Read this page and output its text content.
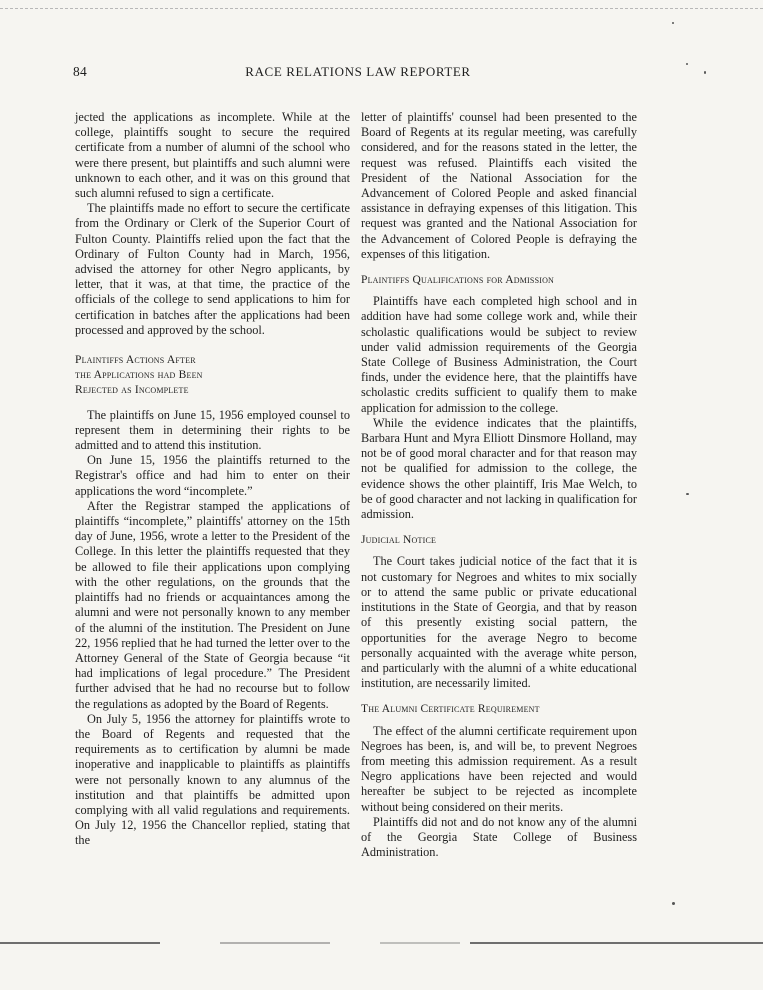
84	RACE RELATIONS LAW REPORTER

jected the applications as incomplete. While at the college, plaintiffs sought to secure the required certificate from a number of alumni of the school who were there present, but plaintiffs and such alumni were unknown to each other, and it was on this ground that such alumni refused to sign a certificate.

The plaintiffs made no effort to secure the certificate from the Ordinary or Clerk of the Superior Court of Fulton County. Plaintiffs relied upon the fact that the Ordinary of Fulton County had in March, 1956, advised the attorney for other Negro applicants, by letter, that it was, at that time, the practice of the officials of the college to send applications to him for certification in batches after the applications had been processed and approved by the school.

Plaintiffs Actions After
the Applications had Been
Rejected as Incomplete

The plaintiffs on June 15, 1956 employed counsel to represent them in determining their rights to be admitted and to attend this institution.

On June 15, 1956 the plaintiffs returned to the Registrar's office and had him to enter on their applications the word “incomplete.”

After the Registrar stamped the applications of plaintiffs “incomplete,” plaintiffs' attorney on the 15th day of June, 1956, wrote a letter to the President of the College. In this letter the plaintiffs requested that they be allowed to file their applications upon complying with the other regulations, on the grounds that the plaintiffs had no friends or acquaintances among the alumni and were not personally known to any member of the alumni of the institution. The President on June 22, 1956 replied that he had turned the letter over to the Attorney General of the State of Georgia because “it had implications of legal procedure.” The President further advised that he had no recourse but to follow the regulations as adopted by the Board of Regents.

On July 5, 1956 the attorney for plaintiffs wrote to the Board of Regents and requested that the requirements as to certification by alumni be made inoperative and inapplicable to plaintiffs as plaintiffs were not personally known to any alumnus of the institution and that plaintiffs be admitted upon complying with all valid regulations and requirements. On July 12, 1956 the Chancellor replied, stating that the

letter of plaintiffs' counsel had been presented to the Board of Regents at its regular meeting, was carefully considered, and for the reasons stated in the letter, the request was refused. Plaintiffs each visited the President of the National Association for the Advancement of Colored People and asked financial assistance in defraying expenses of this litigation. This request was granted and the National Association for the Advancement of Colored People is defraying the expenses of this litigation.

Plaintiffs Qualifications for Admission

Plaintiffs have each completed high school and in addition have had some college work and, while their scholastic qualifications would be subject to review under valid admission requirements of the Georgia State College of Business Administration, the Court finds, under the evidence here, that the plaintiffs have scholastic credits sufficient to qualify them to make application for admission to the college.

While the evidence indicates that the plaintiffs, Barbara Hunt and Myra Elliott Dinsmore Holland, may not be of good moral character and for that reason may not be qualified for admission to the college, the evidence shows the other plaintiff, Iris Mae Welch, to be of good character and not lacking in qualification for admission.

Judicial Notice

The Court takes judicial notice of the fact that it is not customary for Negroes and whites to mix socially or to attend the same public or private educational institutions in the State of Georgia, and that by reason of this presently existing social pattern, the opportunities for the average Negro to become personally acquainted with the average white person, and particularly with the alumni of a white educational institution, are necessarily limited.

The Alumni Certificate Requirement

The effect of the alumni certificate requirement upon Negroes has been, is, and will be, to prevent Negroes from meeting this admission requirement. As a result Negro applications have been rejected and would hereafter be subject to be rejected as incomplete without being considered on their merits.

Plaintiffs did not and do not know any of the alumni of the Georgia State College of Business Administration.
